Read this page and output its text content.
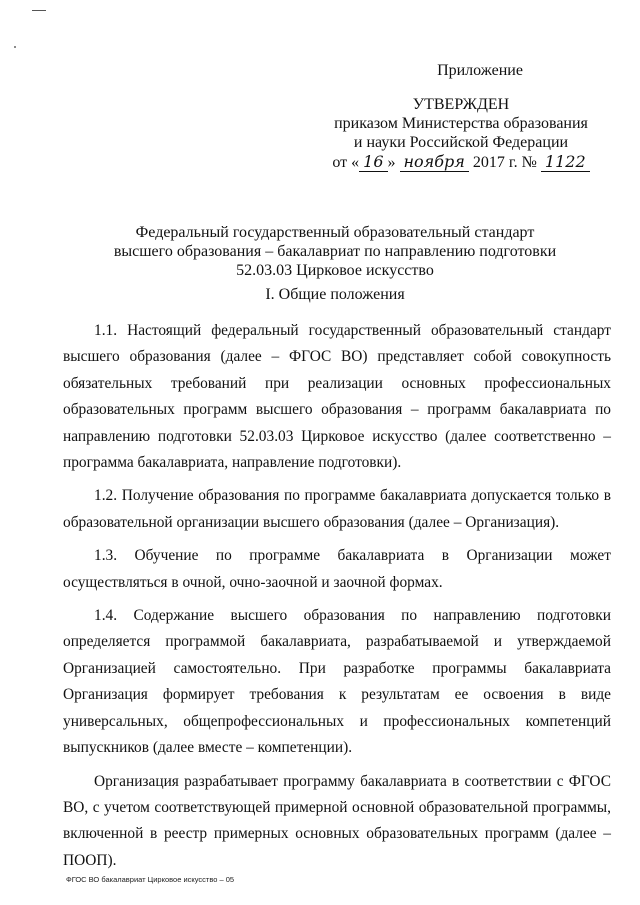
Приложение
УТВЕРЖДЕН
приказом Министерства образования
и науки Российской Федерации
от « 16 » ноября 2017 г. № 1122
Федеральный государственный образовательный стандарт
высшего образования – бакалавриат по направлению подготовки
52.03.03 Цирковое искусство
I. Общие положения

1.1. Настоящий федеральный государственный образовательный стандарт высшего образования (далее – ФГОС ВО) представляет собой совокупность обязательных требований при реализации основных профессиональных образовательных программ высшего образования – программ бакалавриата по направлению подготовки 52.03.03 Цирковое искусство (далее соответственно – программа бакалавриата, направление подготовки).

1.2. Получение образования по программе бакалавриата допускается только в образовательной организации высшего образования (далее – Организация).

1.3. Обучение по программе бакалавриата в Организации может осуществляться в очной, очно-заочной и заочной формах.

1.4. Содержание высшего образования по направлению подготовки определяется программой бакалавриата, разрабатываемой и утверждаемой Организацией самостоятельно. При разработке программы бакалавриата Организация формирует требования к результатам ее освоения в виде универсальных, общепрофессиональных и профессиональных компетенций выпускников (далее вместе – компетенции).

Организация разрабатывает программу бакалавриата в соответствии с ФГОС ВО, с учетом соответствующей примерной основной образовательной программы, включенной в реестр примерных основных образовательных программ (далее – ПООП).

ФГОС ВО бакалавриат Цирковое искусство – 05
